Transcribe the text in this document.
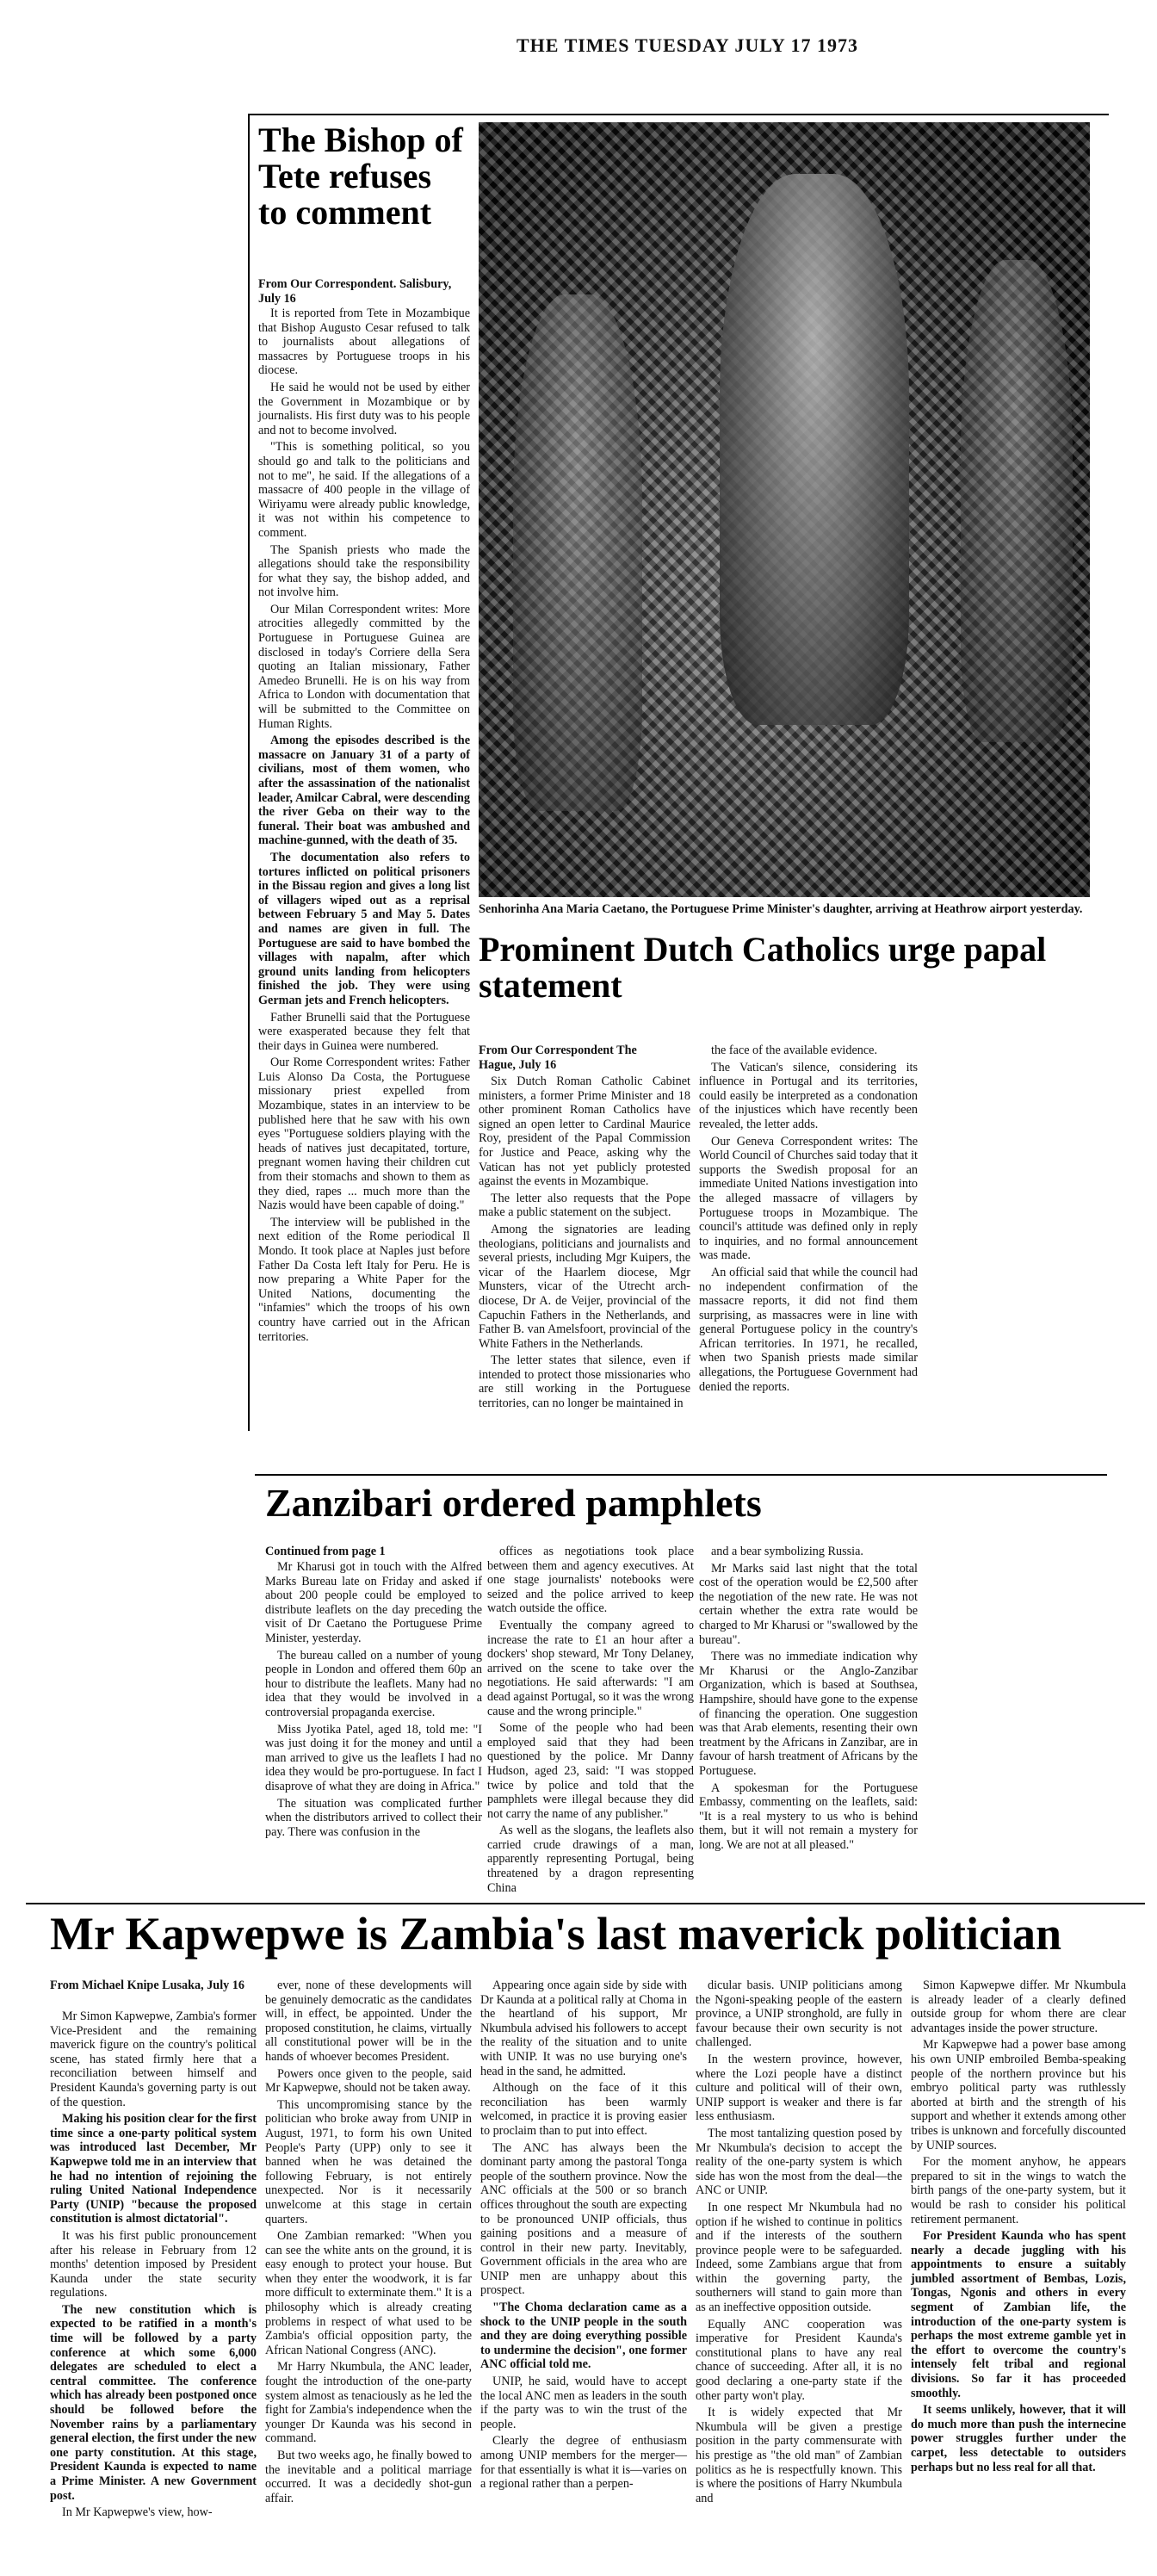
THE TIMES TUESDAY JULY 17 1973
The Bishop of Tete refuses to comment
From Our Correspondent. Salisbury, July 16

It is reported from Tete in Mozambique that Bishop Augusto Cesar refused to talk to journalists about allegations of massacres by Portuguese troops in his diocese.

He said he would not be used by either the Government in Mozambique or by journalists. His first duty was to his people and not to become involved.

"This is something political, so you should go and talk to the politicians and not to me", he said. If the allegations of a massacre of 400 people in the village of Wiriyamu were already public knowledge, it was not within his competence to comment.

The Spanish priests who made the allegations should take the responsibility for what they say, the bishop added, and not involve him.

Our Milan Correspondent writes: More atrocities allegedly committed by the Portuguese in Portuguese Guinea are disclosed in today's Corriere della Sera quoting an Italian missionary, Father Amedeo Brunelli. He is on his way from Africa to London with documentation that will be submitted to the Committee on Human Rights.

Among the episodes described is the massacre on January 31 of a party of civilians, most of them women, who after the assassination of the nationalist leader, Amilcar Cabral, were descending the river Geba on their way to the funeral. Their boat was ambushed and machine-gunned, with the death of 35.

The documentation also refers to tortures inflicted on political prisoners in the Bissau region and gives a long list of villagers wiped out as a reprisal between February 5 and May 5. Dates and names are given in full. The Portuguese are said to have bombed the villages with napalm, after which ground units landing from helicopters finished the job. They were using German jets and French helicopters.

Father Brunelli said that the Portuguese were exasperated because they felt that their days in Guinea were numbered.

Our Rome Correspondent writes: Father Luis Alonso Da Costa, the Portuguese missionary priest expelled from Mozambique, states in an interview to be published here that he saw with his own eyes "Portuguese soldiers playing with the heads of natives just decapitated, torture, pregnant women having their children cut from their stomachs and shown to them as they died, rapes ... much more than the Nazis would have been capable of doing."

The interview will be published in the next edition of the Rome periodical Il Mondo. It took place at Naples just before Father Da Costa left Italy for Peru. He is now preparing a White Paper for the United Nations, documenting the "infamies" which the troops of his own country have carried out in the African territories.

Senhorinha Ana Maria Caetano, the Portuguese Prime Minister's daughter, arriving at Heathrow airport yesterday.
Prominent Dutch Catholics urge papal statement
From Our Correspondent The Hague, July 16

Six Dutch Roman Catholic Cabinet ministers, a former Prime Minister and 18 other prominent Roman Catholics have signed an open letter to Cardinal Maurice Roy, president of the Papal Commission for Justice and Peace, asking why the Vatican has not yet publicly protested against the events in Mozambique.

The letter also requests that the Pope make a public statement on the subject.

Among the signatories are leading theologians, politicians and journalists and several priests, including Mgr Kuipers, the vicar of the Haarlem diocese, Mgr Munsters, vicar of the Utrecht arch-diocese, Dr A. de Veijer, provincial of the Capuchin Fathers in the Netherlands, and Father B. van Amelsfoort, provincial of the White Fathers in the Netherlands.

The letter states that silence, even if intended to protect those missionaries who are still working in the Portuguese territories, can no longer be maintained in

the face of the available evidence.

The Vatican's silence, considering its influence in Portugal and its territories, could easily be interpreted as a condonation of the injustices which have recently been revealed, the letter adds.

Our Geneva Correspondent writes: The World Council of Churches said today that it supports the Swedish proposal for an immediate United Nations investigation into the alleged massacre of villagers by Portuguese troops in Mozambique. The council's attitude was defined only in reply to inquiries, and no formal announcement was made.

An official said that while the council had no independent confirmation of the massacre reports, it did not find them surprising, as massacres were in line with general Portuguese policy in the country's African territories. In 1971, he recalled, when two Spanish priests made similar allegations, the Portuguese Government had denied the reports.

Zanzibari ordered pamphlets
Continued from page 1

Mr Kharusi got in touch with the Alfred Marks Bureau late on Friday and asked if about 200 people could be employed to distribute leaflets on the day preceding the visit of Dr Caetano the Portuguese Prime Minister, yesterday.

The bureau called on a number of young people in London and offered them 60p an hour to distribute the leaflets. Many had no idea that they would be involved in a controversial propaganda exercise.

Miss Jyotika Patel, aged 18, told me: "I was just doing it for the money and until a man arrived to give us the leaflets I had no idea they would be pro-portuguese. In fact I disaprove of what they are doing in Africa."

The situation was complicated further when the distributors arrived to collect their pay. There was confusion in the

offices as negotiations took place between them and agency executives. At one stage journalists' notebooks were seized and the police arrived to keep watch outside the office.

Eventually the company agreed to increase the rate to £1 an hour after a dockers' shop steward, Mr Tony Delaney, arrived on the scene to take over the negotiations. He said afterwards: "I am dead against Portugal, so it was the wrong cause and the wrong principle."

Some of the people who had been employed said that they had been questioned by the police. Mr Danny Hudson, aged 23, said: "I was stopped twice by police and told that the pamphlets were illegal because they did not carry the name of any publisher."

As well as the slogans, the leaflets also carried crude drawings of a man, apparently representing Portugal, being threatened by a dragon representing China

and a bear symbolizing Russia.

Mr Marks said last night that the total cost of the operation would be £2,500 after the negotiation of the new rate. He was not certain whether the extra rate would be charged to Mr Kharusi or "swallowed by the bureau".

There was no immediate indication why Mr Kharusi or the Anglo-Zanzibar Organization, which is based at Southsea, Hampshire, should have gone to the expense of financing the operation. One suggestion was that Arab elements, resenting their own treatment by the Africans in Zanzibar, are in favour of harsh treatment of Africans by the Portuguese.

A spokesman for the Portuguese Embassy, commenting on the leaflets, said: "It is a real mystery to us who is behind them, but it will not remain a mystery for long. We are not at all pleased."

Mr Kapwepwe is Zambia's last maverick politician
From Michael Knipe Lusaka, July 16

Mr Simon Kapwepwe, Zambia's former Vice-President and the remaining maverick figure on the country's political scene, has stated firmly here that a reconciliation between himself and President Kaunda's governing party is out of the question.

Making his position clear for the first time since a one-party political system was introduced last December, Mr Kapwepwe told me in an interview that he had no intention of rejoining the ruling United National Independence Party (UNIP) "because the proposed constitution is almost dictatorial".

It was his first public pronouncement after his release in February from 12 months' detention imposed by President Kaunda under the state security regulations.

The new constitution which is expected to be ratified in a month's time will be followed by a party conference at which some 6,000 delegates are scheduled to elect a central committee. The conference which has already been postponed once should be followed before the November rains by a parliamentary general election, the first under the new one party constitution. At this stage, President Kaunda is expected to name a Prime Minister. A new Government post.

In Mr Kapwepwe's view, how-

ever, none of these developments will be genuinely democratic as the candidates will, in effect, be appointed. Under the proposed constitution, he claims, virtually all constitutional power will be in the hands of whoever becomes President.

Powers once given to the people, said Mr Kapwepwe, should not be taken away.

This uncompromising stance by the politician who broke away from UNIP in August, 1971, to form his own United People's Party (UPP) only to see it banned when he was detained the following February, is not entirely unexpected. Nor is it necessarily unwelcome at this stage in certain quarters.

One Zambian remarked: "When you can see the white ants on the ground, it is easy enough to protect your house. But when they enter the woodwork, it is far more difficult to exterminate them." It is a philosophy which is already creating problems in respect of what used to be Zambia's official opposition party, the African National Congress (ANC).

Mr Harry Nkumbula, the ANC leader, fought the introduction of the one-party system almost as tenaciously as he led the fight for Zambia's independence when the younger Dr Kaunda was his second in command.

But two weeks ago, he finally bowed to the inevitable and a political marriage occurred. It was a decidedly shot-gun affair.

Appearing once again side by side with Dr Kaunda at a political rally at Choma in the heartland of his support, Mr Nkumbula advised his followers to accept the reality of the situation and to unite with UNIP. It was no use burying one's head in the sand, he admitted.

Although on the face of it this reconciliation has been warmly welcomed, in practice it is proving easier to proclaim than to put into effect.

The ANC has always been the dominant party among the pastoral Tonga people of the southern province. Now the ANC officials at the 500 or so branch offices throughout the south are expecting to be pronounced UNIP officials, thus gaining positions and a measure of control in their new party. Inevitably, Government officials in the area who are UNIP men are unhappy about this prospect.

"The Choma declaration came as a shock to the UNIP people in the south and they are doing everything possible to undermine the decision", one former ANC official told me.

UNIP, he said, would have to accept the local ANC men as leaders in the south if the party was to win the trust of the people.

Clearly the degree of enthusiasm among UNIP members for the merger—for that essentially is what it is—varies on a regional rather than a perpen-

dicular basis. UNIP politicians among the Ngoni-speaking people of the eastern province, a UNIP stronghold, are fully in favour because their own security is not challenged.

In the western province, however, where the Lozi people have a distinct culture and political will of their own, UNIP support is weaker and there is far less enthusiasm.

The most tantalizing question posed by Mr Nkumbula's decision to accept the reality of the one-party system is which side has won the most from the deal—the ANC or UNIP.

In one respect Mr Nkumbula had no option if he wished to continue in politics and if the interests of the southern province people were to be safeguarded. Indeed, some Zambians argue that from within the governing party, the southerners will stand to gain more than as an ineffective opposition outside.

Equally ANC cooperation was imperative for President Kaunda's constitutional plans to have any real chance of succeeding. After all, it is no good declaring a one-party state if the other party won't play.

It is widely expected that Mr Nkumbula will be given a prestige position in the party commensurate with his prestige as "the old man" of Zambian politics as he is respectfully known. This is where the positions of Harry Nkumbula and

Simon Kapwepwe differ. Mr Nkumbula is already leader of a clearly defined outside group for whom there are clear advantages inside the power structure.

Mr Kapwepwe had a power base among his own UNIP embroiled Bemba-speaking people of the northern province but his embryo political party was ruthlessly aborted at birth and the strength of his support and whether it extends among other tribes is unknown and forcefully discounted by UNIP sources.

For the moment anyhow, he appears prepared to sit in the wings to watch the birth pangs of the one-party system, but it would be rash to consider his political retirement permanent.

For President Kaunda who has spent nearly a decade juggling with his appointments to ensure a suitably jumbled assortment of Bembas, Lozis, Tongas, Ngonis and others in every segment of Zambian life, the introduction of the one-party system is perhaps the most extreme gamble yet in the effort to overcome the country's intensely felt tribal and regional divisions. So far it has proceeded smoothly.

It seems unlikely, however, that it will do much more than push the internecine power struggles further under the carpet, less detectable to outsiders perhaps but no less real for all that.
